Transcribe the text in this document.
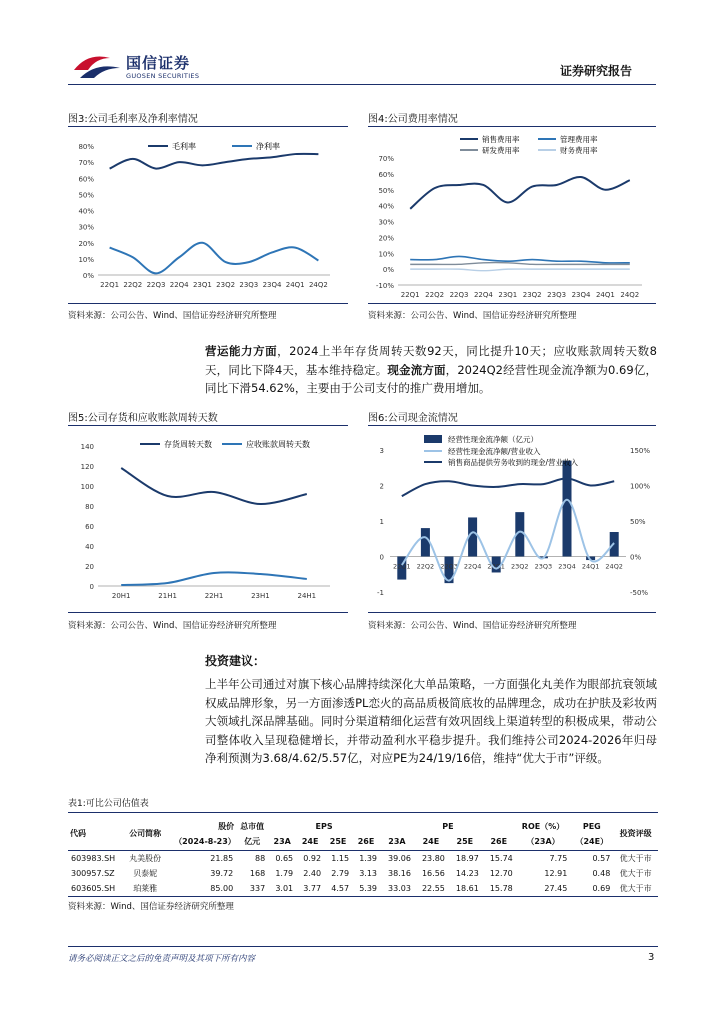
国信证券
GUOSEN SECURITIES	证券研究报告
图3:公司毛利率及净利率情况	图4:公司费用率情况
0%
10%
20%
30%
40%
50%
60%
70%
80%
22Q1 22Q2 22Q3 22Q4 23Q1 23Q2 23Q3 23Q4 24Q1 24Q2
毛利率	净利率
-10%
0%
10%
20%
30%
40%
50%
60%
70%
22Q1 22Q2 22Q3 22Q4 23Q1 23Q2 23Q3 23Q4 24Q1 24Q2
销售费用率	管理费用率
研发费用率	财务费用率
资料来源：公司公告、Wind、国信证券经济研究所整理	资料来源：公司公告、Wind、国信证券经济研究所整理
营运能力方面，2024上半年存货周转天数92天，同比提升10天；应收账款周转天数8天，同比下降4天，基本维持稳定。现金流方面，2024Q2经营性现金流净额为0.69亿，同比下滑54.62%，主要由于公司支付的推广费用增加。
图5:公司存货和应收账款周转天数	图6:公司现金流情况
0
20
40
60
80
100
120
140
20H1	21H1	22H1	23H1	24H1
存货周转天数	应收账款周转天数
-1
0
1
2
3
-50%
0%
50%
100%
150%
22Q1 22Q2 22Q3 22Q4 23Q1 23Q2 23Q3 23Q4 24Q1 24Q2
经营性现金流净额（亿元）
经营性现金流净额/营业收入
销售商品提供劳务收到的现金/营业收入
资料来源：公司公告、Wind、国信证券经济研究所整理	资料来源：公司公告、Wind、国信证券经济研究所整理
投资建议：
上半年公司通过对旗下核心品牌持续深化大单品策略，一方面强化丸美作为眼部抗衰领域权威品牌形象，另一方面渗透PL恋火的高品质极简底妆的品牌理念，成功在护肤及彩妆两大领域扎深品牌基础。同时分渠道精细化运营有效巩固线上渠道转型的积极成果，带动公司整体收入呈现稳健增长，并带动盈利水平稳步提升。我们维持公司2024-2026年归母净利预测为3.68/4.62/5.57亿，对应PE为24/19/16倍，维持“优大于市”评级。
表1:可比公司估值表
代码	公司简称	股价	总市值	EPS				PE				ROE（%）	PEG	投资评级
		（2024-8-23）	亿元	23A	24E	25E	26E	23A	24E	25E	26E	（23A）	（24E）	
603983.SH	丸美股份	21.85	88	0.65	0.92	1.15	1.39	39.06	23.80	18.97	15.74	7.75	0.57	优大于市
300957.SZ	贝泰妮	39.72	168	1.79	2.40	2.79	3.13	38.16	16.56	14.23	12.70	12.91	0.48	优大于市
603605.SH	珀莱雅	85.00	337	3.01	3.77	4.57	5.39	33.03	22.55	18.61	15.78	27.45	0.69	优大于市
资料来源：Wind、国信证券经济研究所整理
请务必阅读正文之后的免责声明及其项下所有内容	3
